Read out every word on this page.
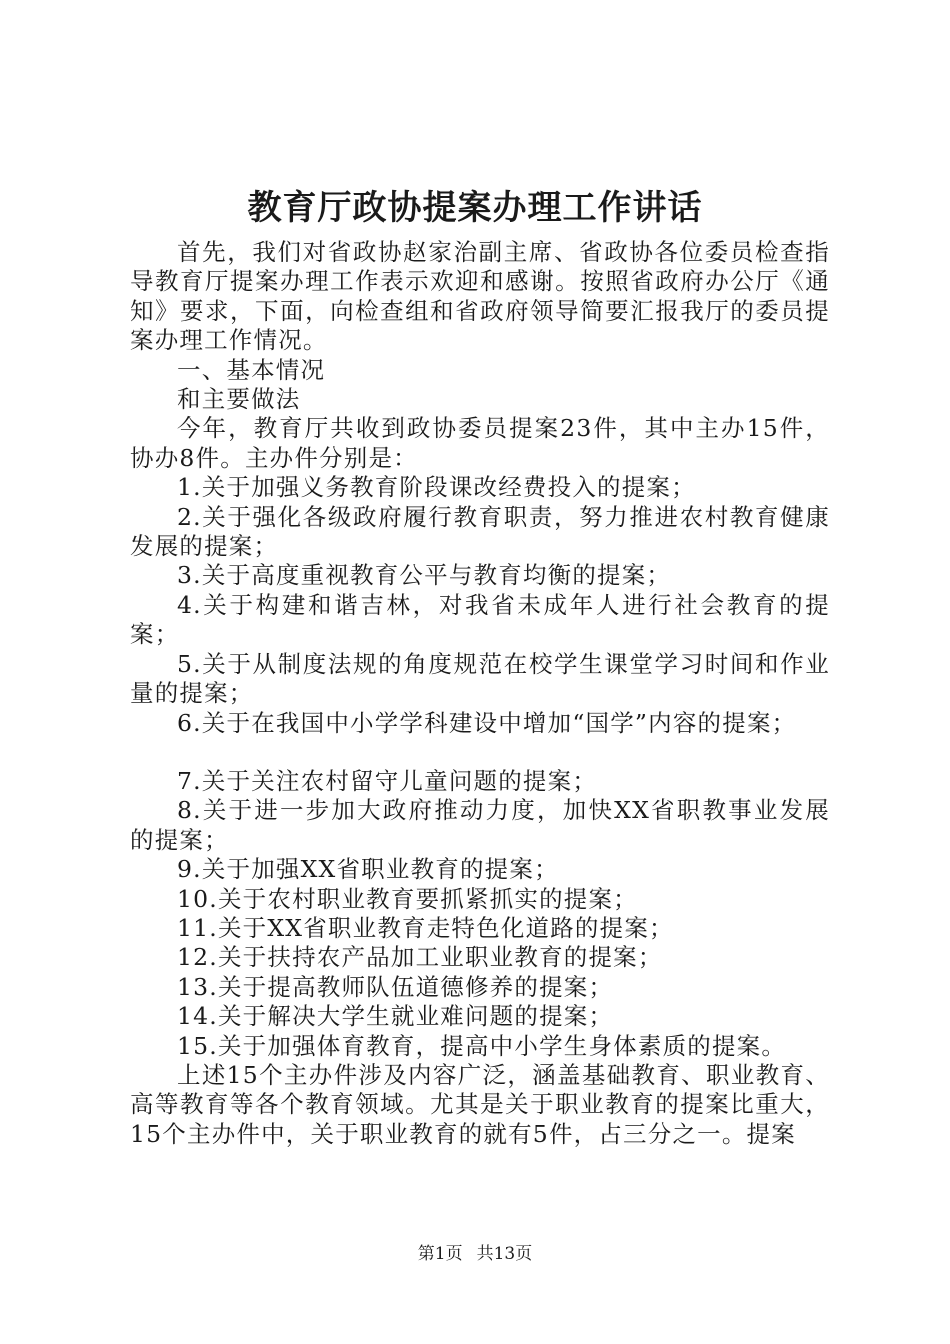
教育厅政协提案办理工作讲话

首先，我们对省政协赵家治副主席、省政协各位委员检查指导教育厅提案办理工作表示欢迎和感谢。按照省政府办公厅《通知》要求，下面，向检查组和省政府领导简要汇报我厅的委员提案办理工作情况。

一、基本情况

和主要做法

今年，教育厅共收到政协委员提案23件，其中主办15件，协办8件。主办件分别是：

1.关于加强义务教育阶段课改经费投入的提案；

2.关于强化各级政府履行教育职责，努力推进农村教育健康发展的提案；

3.关于高度重视教育公平与教育均衡的提案；

4.关于构建和谐吉林，对我省未成年人进行社会教育的提案；

5.关于从制度法规的角度规范在校学生课堂学习时间和作业量的提案；

6.关于在我国中小学学科建设中增加“国学”内容的提案；

7.关于关注农村留守儿童问题的提案；

8.关于进一步加大政府推动力度，加快XX省职教事业发展的提案；

9.关于加强XX省职业教育的提案；

10.关于农村职业教育要抓紧抓实的提案；

11.关于XX省职业教育走特色化道路的提案；

12.关于扶持农产品加工业职业教育的提案；

13.关于提高教师队伍道德修养的提案；

14.关于解决大学生就业难问题的提案；

15.关于加强体育教育，提高中小学生身体素质的提案。

上述15个主办件涉及内容广泛，涵盖基础教育、职业教育、高等教育等各个教育领域。尤其是关于职业教育的提案比重大，15个主办件中，关于职业教育的就有5件，占三分之一。提案

第1页 共13页
